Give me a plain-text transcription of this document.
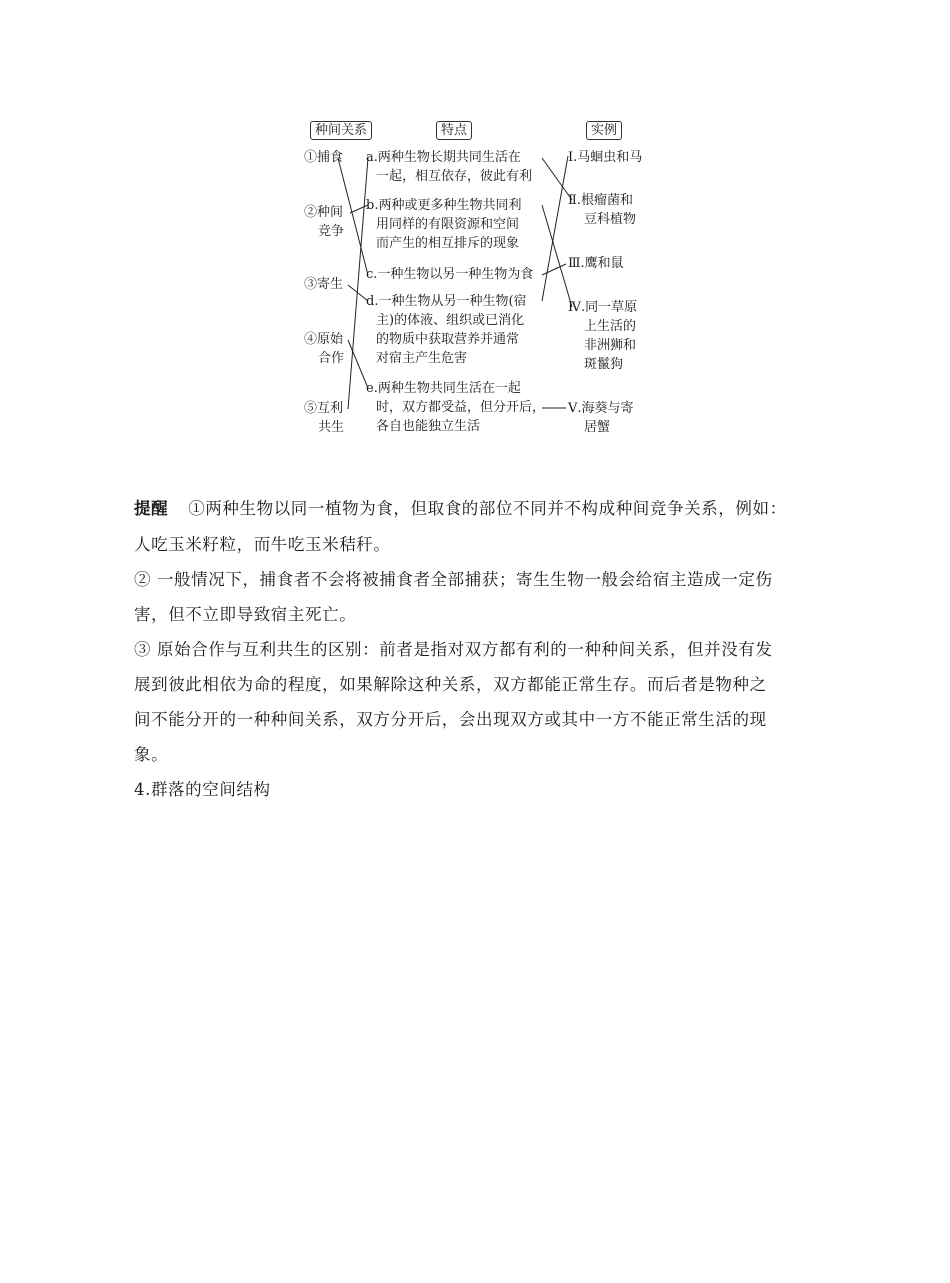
种间关系	特点	实例
①捕食
②种间
竞争
③寄生
④原始
合作
⑤互利
共生
a.两种生物长期共同生活在
一起，相互依存，彼此有利
b.两种或更多种生物共同利
用同样的有限资源和空间
而产生的相互排斥的现象
c.一种生物以另一种生物为食
d.一种生物从另一种生物(宿
主)的体液、组织或已消化
的物质中获取营养并通常
对宿主产生危害
e.两种生物共同生活在一起
时，双方都受益，但分开后，
各自也能独立生活
Ⅰ.马蛔虫和马
Ⅱ.根瘤菌和
豆科植物
Ⅲ.鹰和鼠
Ⅳ.同一草原
上生活的
非洲狮和
斑鬣狗
Ⅴ.海葵与寄
居蟹
提醒 ①两种生物以同一植物为食，但取食的部位不同并不构成种间竞争关系，例如：
人吃玉米籽粒，而牛吃玉米秸秆。
② 一般情况下，捕食者不会将被捕食者全部捕获；寄生生物一般会给宿主造成一定伤
害，但不立即导致宿主死亡。
③ 原始合作与互利共生的区别：前者是指对双方都有利的一种种间关系，但并没有发
展到彼此相依为命的程度，如果解除这种关系，双方都能正常生存。而后者是物种之
间不能分开的一种种间关系，双方分开后，会出现双方或其中一方不能正常生活的现
象。
4.群落的空间结构
